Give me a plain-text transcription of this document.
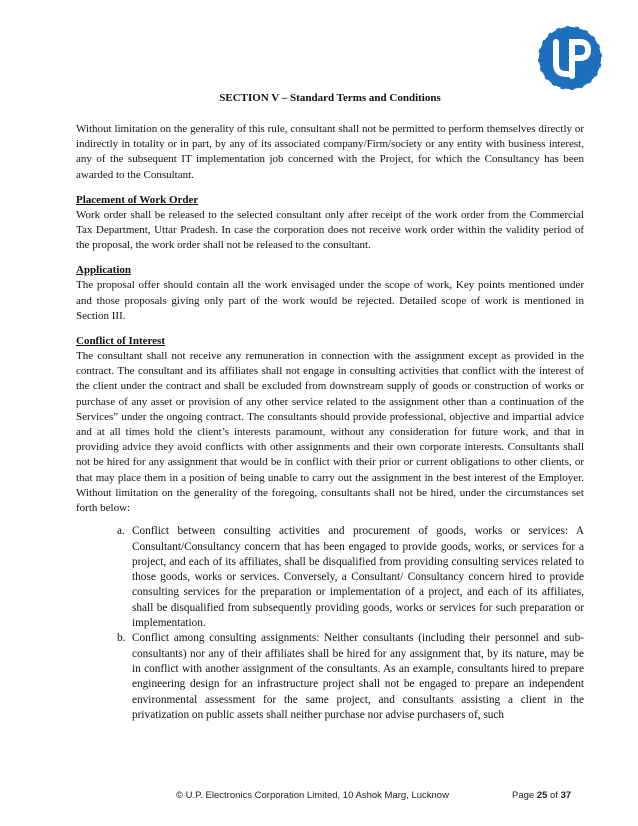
SECTION V – Standard Terms and Conditions

Without limitation on the generality of this rule, consultant shall not be permitted to perform themselves directly or indirectly in totality or in part, by any of its associated company/Firm/society or any entity with business interest, any of the subsequent IT implementation job concerned with the Project, for which the Consultancy has been awarded to the Consultant.

Placement of Work Order

Work order shall be released to the selected consultant only after receipt of the work order from the Commercial Tax Department, Uttar Pradesh. In case the corporation does not receive work order within the validity period of the proposal, the work order shall not be released to the consultant.

Application

The proposal offer should contain all the work envisaged under the scope of work, Key points mentioned under and those proposals giving only part of the work would be rejected. Detailed scope of work is mentioned in Section III.

Conflict of Interest

The consultant shall not receive any remuneration in connection with the assignment except as provided in the contract. The consultant and its affiliates shall not engage in consulting activities that conflict with the interest of the client under the contract and shall be excluded from downstream supply of goods or construction of works or purchase of any asset or provision of any other service related to the assignment other than a continuation of the Services” under the ongoing contract. The consultants should provide professional, objective and impartial advice and at all times hold the client’s interests paramount, without any consideration for future work, and that in providing advice they avoid conflicts with other assignments and their own corporate interests. Consultants shall not be hired for any assignment that would be in conflict with their prior or current obligations to other clients, or that may place them in a position of being unable to carry out the assignment in the best interest of the Employer. Without limitation on the generality of the foregoing, consultants shall not be hired, under the circumstances set forth below:

a. Conflict between consulting activities and procurement of goods, works or services: A Consultant/Consultancy concern that has been engaged to provide goods, works, or services for a project, and each of its affiliates, shall be disqualified from providing consulting services related to those goods, works or services. Conversely, a Consultant/ Consultancy concern hired to provide consulting services for the preparation or implementation of a project, and each of its affiliates, shall be disqualified from subsequently providing goods, works or services for such preparation or implementation.
b. Conflict among consulting assignments: Neither consultants (including their personnel and sub-consultants) nor any of their affiliates shall be hired for any assignment that, by its nature, may be in conflict with another assignment of the consultants. As an example, consultants hired to prepare engineering design for an infrastructure project shall not be engaged to prepare an independent environmental assessment for the same project, and consultants assisting a client in the privatization on public assets shall neither purchase nor advise purchasers of, such
© U.P. Electronics Corporation Limited, 10 Ashok Marg, Lucknow	Page 25 of 37
